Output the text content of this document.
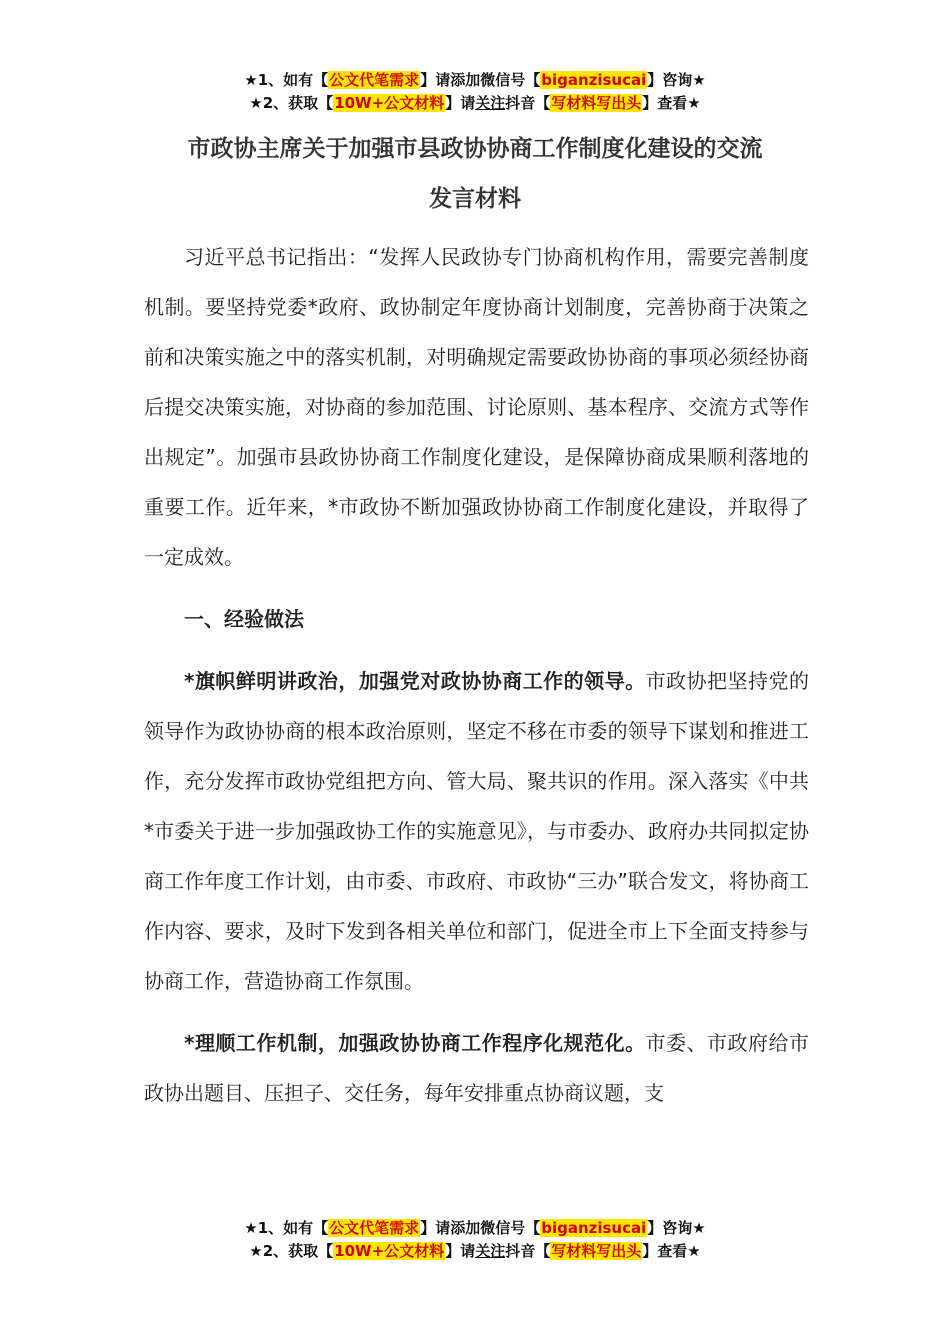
★1、如有【公文代笔需求】请添加微信号【biganzisucai】咨询★
★2、获取【10W+公文材料】请关注抖音【写材料写出头】查看★
市政协主席关于加强市县政协协商工作制度化建设的交流
发言材料

习近平总书记指出：“发挥人民政协专门协商机构作用，需要完善制度机制。要坚持党委*政府、政协制定年度协商计划制度，完善协商于决策之前和决策实施之中的落实机制，对明确规定需要政协协商的事项必须经协商后提交决策实施，对协商的参加范围、讨论原则、基本程序、交流方式等作出规定”。加强市县政协协商工作制度化建设，是保障协商成果顺利落地的重要工作。近年来，*市政协不断加强政协协商工作制度化建设，并取得了一定成效。

一、经验做法

*旗帜鲜明讲政治，加强党对政协协商工作的领导。市政协把坚持党的领导作为政协协商的根本政治原则，坚定不移在市委的领导下谋划和推进工作，充分发挥市政协党组把方向、管大局、聚共识的作用。深入落实《中共*市委关于进一步加强政协工作的实施意见》，与市委办、政府办共同拟定协商工作年度工作计划，由市委、市政府、市政协“三办”联合发文，将协商工作内容、要求，及时下发到各相关单位和部门，促进全市上下全面支持参与协商工作，营造协商工作氛围。

*理顺工作机制，加强政协协商工作程序化规范化。市委、市政府给市政协出题目、压担子、交任务，每年安排重点协商议题，支

★1、如有【公文代笔需求】请添加微信号【biganzisucai】咨询★
★2、获取【10W+公文材料】请关注抖音【写材料写出头】查看★
